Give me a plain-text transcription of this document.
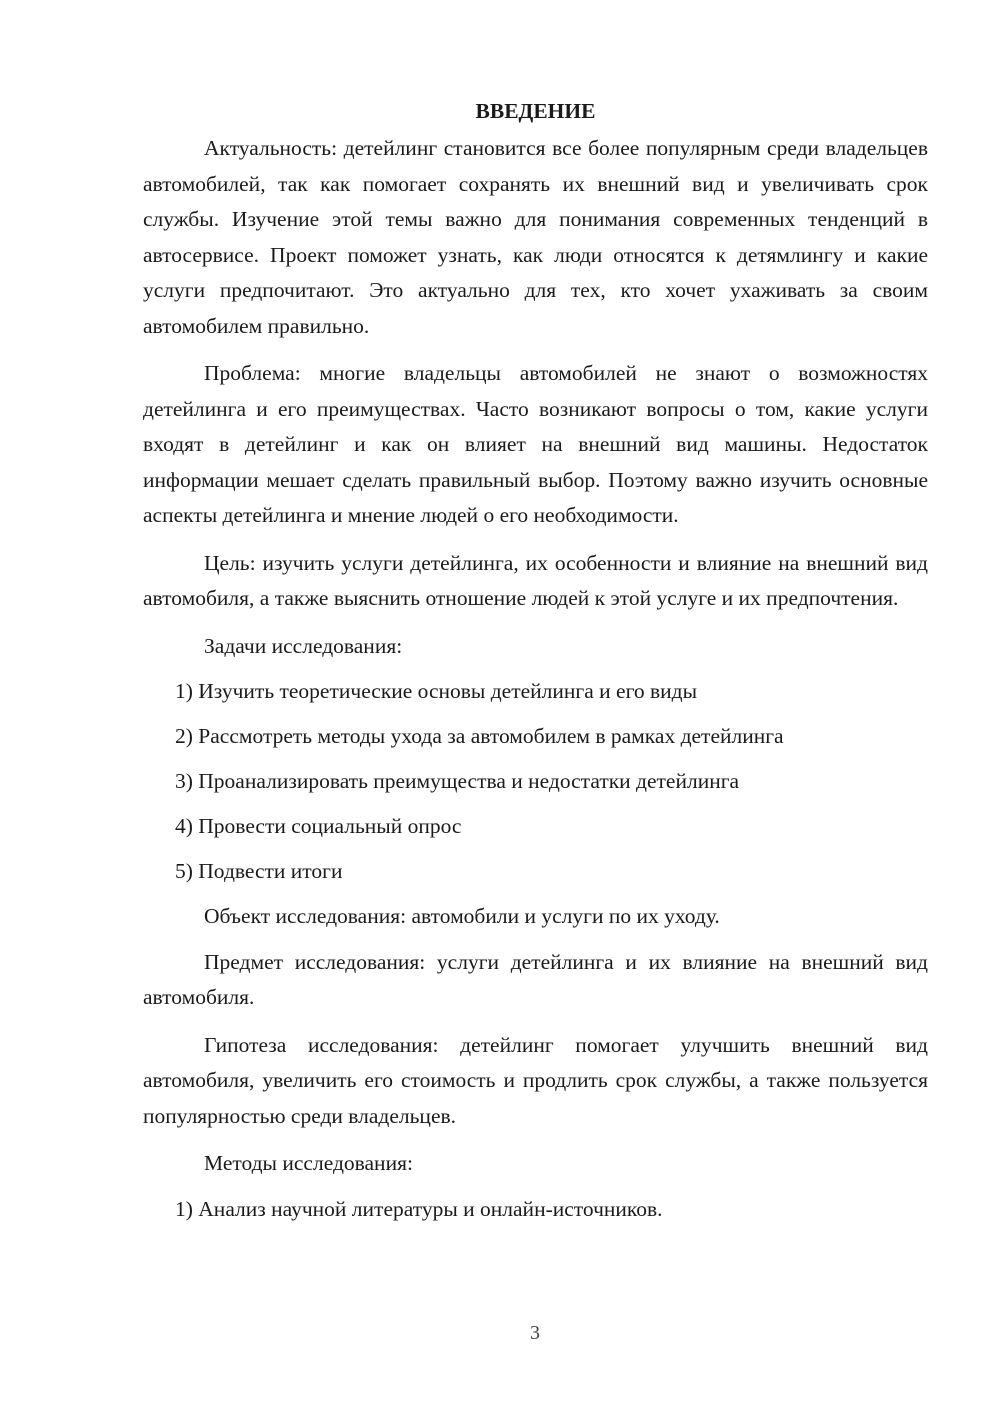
ВВЕДЕНИЕ

Актуальность: детейлинг становится все более популярным среди владельцев автомобилей, так как помогает сохранять их внешний вид и увеличивать срок службы. Изучение этой темы важно для понимания современных тенденций в автосервисе. Проект поможет узнать, как люди относятся к детямлингу и какие услуги предпочитают. Это актуально для тех, кто хочет ухаживать за своим автомобилем правильно.

Проблема: многие владельцы автомобилей не знают о возможностях детейлинга и его преимуществах. Часто возникают вопросы о том, какие услуги входят в детейлинг и как он влияет на внешний вид машины. Недостаток информации мешает сделать правильный выбор. Поэтому важно изучить основные аспекты детейлинга и мнение людей о его необходимости.

Цель: изучить услуги детейлинга, их особенности и влияние на внешний вид автомобиля, а также выяснить отношение людей к этой услуге и их предпочтения.

Задачи исследования:

1) Изучить теоретические основы детейлинга и его виды
2) Рассмотреть методы ухода за автомобилем в рамках детейлинга
3) Проанализировать преимущества и недостатки детейлинга
4) Провести социальный опрос
5) Подвести итоги

Объект исследования: автомобили и услуги по их уходу.

Предмет исследования: услуги детейлинга и их влияние на внешний вид автомобиля.

Гипотеза исследования: детейлинг помогает улучшить внешний вид автомобиля, увеличить его стоимость и продлить срок службы, а также пользуется популярностью среди владельцев.

Методы исследования:

1) Анализ научной литературы и онлайн-источников.
3
